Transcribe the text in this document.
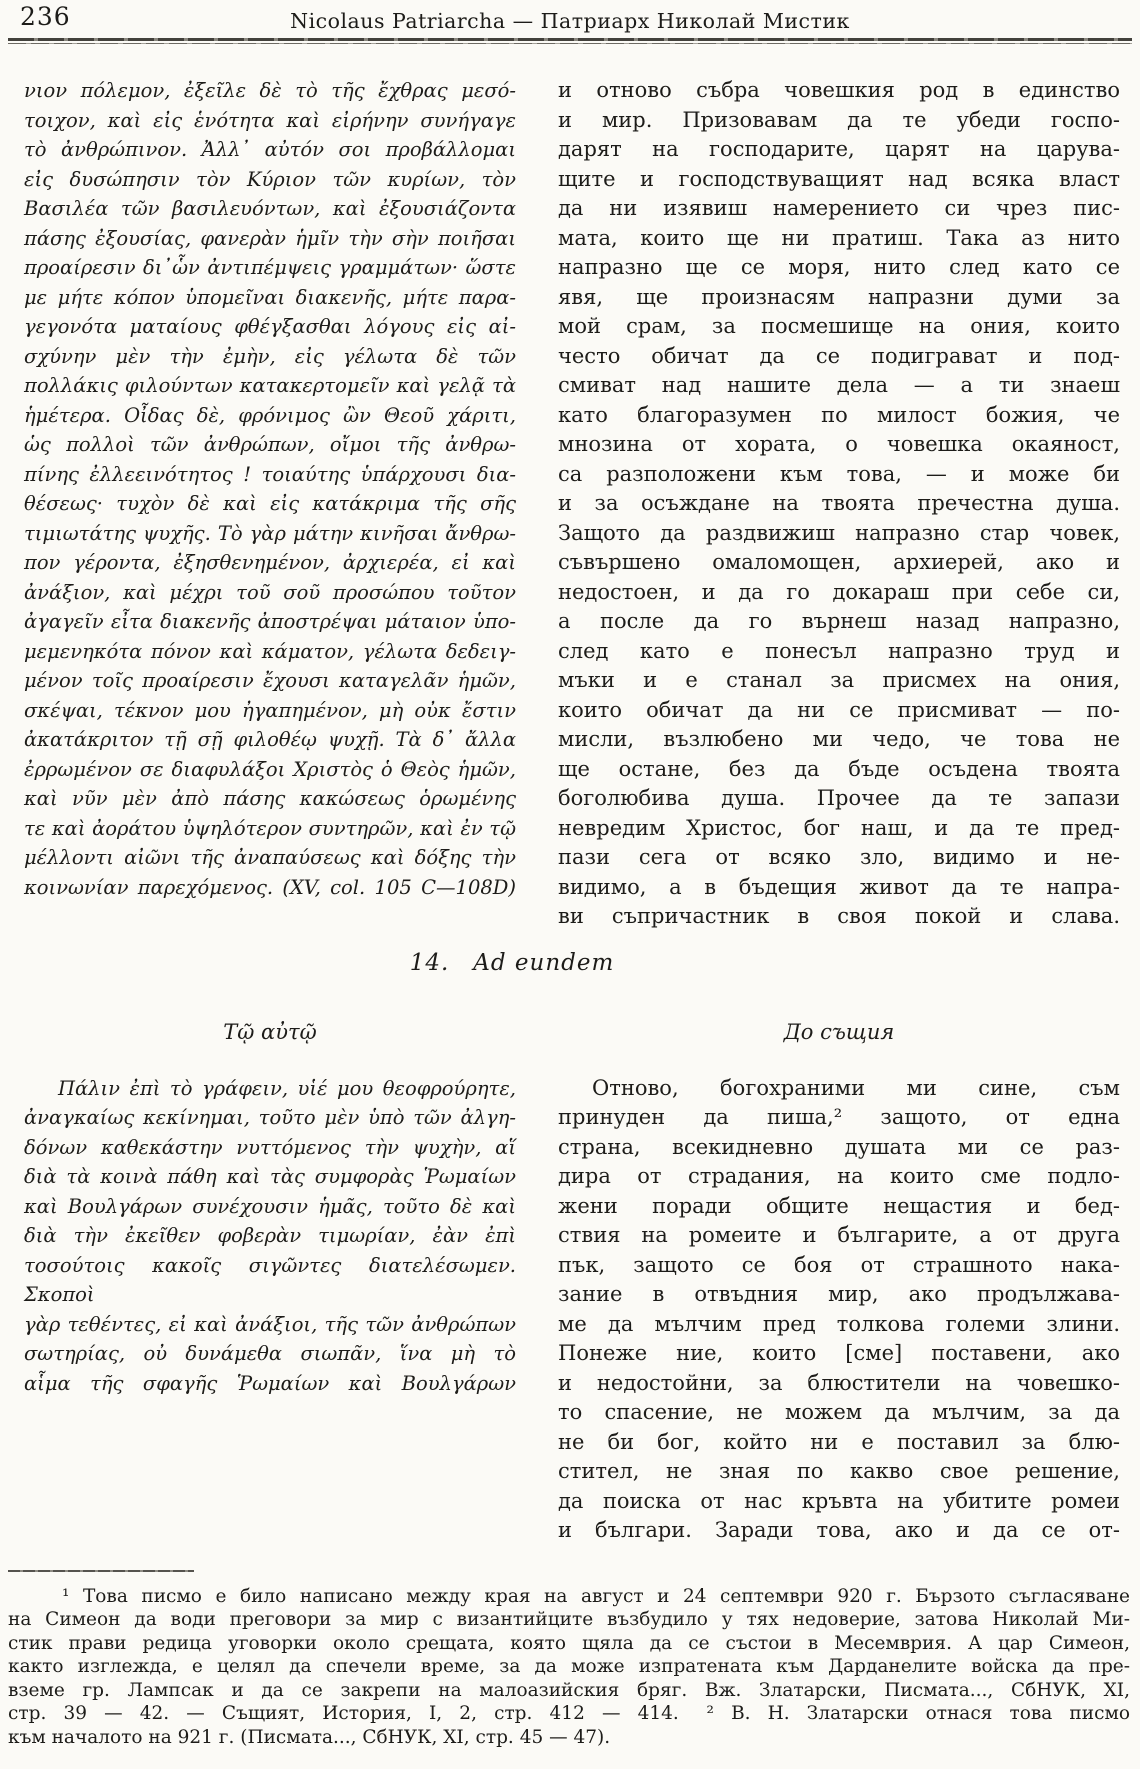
236	Nicolaus Patriarcha — Патриарх Николай Мистик
νιον πόλεμον, ἐξεῖλε δὲ τὸ τῆς ἔχθρας μεσό-
τοιχον, καὶ εἰς ἑνότητα καὶ εἰρήνην συνήγαγε
τὸ ἀνθρώπινον. Ἀλλ᾽ αὐτόν σοι προβάλλομαι
εἰς δυσώπησιν τὸν Κύριον τῶν κυρίων, τὸν
Βασιλέα τῶν βασιλευόντων, καὶ ἐξουσιάζοντα
πάσης ἐξουσίας, φανερὰν ἡμῖν τὴν σὴν ποιῆσαι
προαίρεσιν δι᾽ὧν ἀντιπέμψεις γραμμάτων· ὥστε
με μήτε κόπον ὑπομεῖναι διακενῆς, μήτε παρα-
γεγονότα ματαίους φθέγξασθαι λόγους εἰς αἰ-
σχύνην μὲν τὴν ἐμὴν, εἰς γέλωτα δὲ τῶν
πολλάκις φιλούντων κατακερτομεῖν καὶ γελᾷ τὰ
ἡμέτερα. Οἶδας δὲ, φρόνιμος ὢν Θεοῦ χάριτι,
ὡς πολλοὶ τῶν ἀνθρώπων, οἴμοι τῆς ἀνθρω-
πίνης ἐλλεεινότητος ! τοιαύτης ὑπάρχουσι δια-
θέσεως· τυχὸν δὲ καὶ εἰς κατάκριμα τῆς σῆς
τιμιωτάτης ψυχῆς. Τὸ γὰρ μάτην κινῆσαι ἄνθρω-
πον γέροντα, ἐξησθενημένον, ἀρχιερέα, εἰ καὶ
ἀνάξιον, καὶ μέχρι τοῦ σοῦ προσώπου τοῦτον
ἀγαγεῖν εἶτα διακενῆς ἀποστρέψαι μάταιον ὑπο-
μεμενηκότα πόνον καὶ κάματον, γέλωτα δεδειγ-
μένον τοῖς προαίρεσιν ἔχουσι καταγελᾶν ἡμῶν,
σκέψαι, τέκνον μου ἠγαπημένον, μὴ οὐκ ἔστιν
ἀκατάκριτον τῇ σῇ φιλοθέῳ ψυχῇ. Τὰ δ᾽ ἄλλα
ἐρρωμένον σε διαφυλάξοι Χριστὸς ὁ Θεὸς ἡμῶν,
καὶ νῦν μὲν ἀπὸ πάσης κακώσεως ὁρωμένης
τε καὶ ἀοράτου ὑψηλότερον συντηρῶν, καὶ ἐν τῷ
μέλλοντι αἰῶνι τῆς ἀναπαύσεως καὶ δόξης τὴν
κοινωνίαν παρεχόμενος. (XV, col. 105 C—108D)
и отново събра човешкия род в единство
и мир. Призовавам да те убеди госпо-
дарят на господарите, царят на царува-
щите и господствуващият над всяка власт
да ни изявиш намерението си чрез пис-
мата, които ще ни пратиш. Така аз нито
напразно ще се моря, нито след като се
явя, ще произнасям напразни думи за
мой срам, за посмешище на ония, които
често обичат да се подиграват и под-
смиват над нашите дела — а ти знаеш
като благоразумен по милост божия, че
мнозина от хората, о човешка окаяност,
са разположени към това, — и може би
и за осъждане на твоята пречестна душа.
Защото да раздвижиш напразно стар човек,
съвършено омаломощен, архиерей, ако и
недостоен, и да го докараш при себе си,
а после да го върнеш назад напразно,
след като е понесъл напразно труд и
мъки и е станал за присмех на ония,
които обичат да ни се присмиват — по-
мисли, възлюбено ми чедо, че това не
ще остане, без да бъде осъдена твоята
боголюбива душа. Прочее да те запази
невредим Христос, бог наш, и да те пред-
пази сега от всяко зло, видимо и не-
видимо, а в бъдещия живот да те напра-
ви съпричастник в своя покой и слава.
14. Ad eundem
Τῷ αὐτῷ	До същия
Πάλιν ἐπὶ τὸ γράφειν, υἱέ μου θεοφρούρητε,
ἀναγκαίως κεκίνημαι, τοῦτο μὲν ὑπὸ τῶν ἀλγη-
δόνων καθεκάστην νυττόμενος τὴν ψυχὴν, αἵ
διὰ τὰ κοινὰ πάθη καὶ τὰς συμφορὰς Ῥωμαίων
καὶ Βουλγάρων συνέχουσιν ἡμᾶς, τοῦτο δὲ καὶ
διὰ τὴν ἐκεῖθεν φοβερὰν τιμωρίαν, ἐὰν ἐπὶ
τοσούτοις κακοῖς σιγῶντες διατελέσωμεν. Σκοποὶ
γὰρ τεθέντες, εἰ καὶ ἀνάξιοι, τῆς τῶν ἀνθρώπων
σωτηρίας, οὐ δυνάμεθα σιωπᾶν, ἵνα μὴ τὸ
αἷμα τῆς σφαγῆς Ῥωμαίων καὶ Βουλγάρων
Отново, богохраними ми сине, съм
принуден да пиша,² защото, от една
страна, всекидневно душата ми се раз-
дира от страдания, на които сме подло-
жени поради общите нещастия и бед-
ствия на ромеите и българите, а от друга
пък, защото се боя от страшното нака-
зание в отвъдния мир, ако продължава-
ме да мълчим пред толкова големи злини.
Понеже ние, които [сме] поставени, ако
и недостойни, за блюстители на човешко-
то спасение, не можем да мълчим, за да
не би бог, който ни е поставил за блю-
стител, не зная по какво свое решение,
да поиска от нас кръвта на убитите ромеи
и българи. Заради това, ако и да се от-
¹ Това писмо е било написано между края на август и 24 септември 920 г. Бързото съгласяване
на Симеон да води преговори за мир с византийците възбудило у тях недоверие, затова Николай Ми-
стик прави редица уговорки около срещата, която щяла да се състои в Месемврия. А цар Симеон,
както изглежда, е целял да спечели време, за да може изпратената към Дарданелите войска да пре-
вземе гр. Лампсак и да се закрепи на малоазийския бряг. Вж. Златарски, Писмата..., СбНУК, XI,
стр. 39 — 42. — Същият, История, I, 2, стр. 412 — 414.  ² В. Н. Златарски отнася това писмо
към началото на 921 г. (Писмата..., СбНУК, XI, стр. 45 — 47).
